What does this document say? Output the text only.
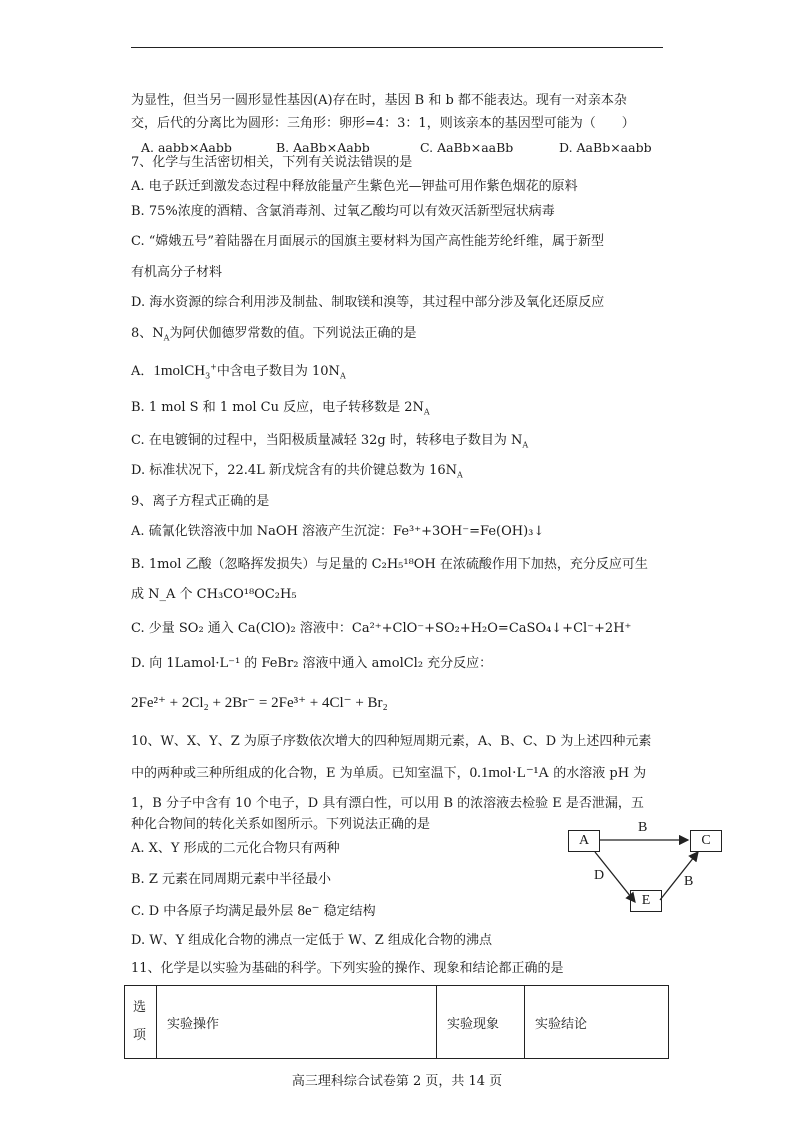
为显性，但当另一圆形显性基因(A)存在时，基因 B 和 b 都不能表达。现有一对亲本杂
交，后代的分离比为圆形：三角形：卵形=4：3：1，则该亲本的基因型可能为（　　）
A. aabb×Aabb	B. AaBb×Aabb	C. AaBb×aaBb	D. AaBb×aabb
7、化学与生活密切相关，下列有关说法错误的是
A. 电子跃迁到激发态过程中释放能量产生紫色光—钾盐可用作紫色烟花的原料
B. 75%浓度的酒精、含氯消毒剂、过氧乙酸均可以有效灭活新型冠状病毒
C. “嫦娥五号”着陆器在月面展示的国旗主要材料为国产高性能芳纶纤维，属于新型
有机高分子材料
D. 海水资源的综合利用涉及制盐、制取镁和溴等，其过程中部分涉及氧化还原反应
8、$N_A$为阿伏伽德罗常数的值。下列说法正确的是
A．1molCH$_3$+中含电子数目为 $10N_A$
B. 1 mol S 和 1 mol Cu 反应，电子转移数是 $2N_A$
C. 在电镀铜的过程中，当阳极质量减轻 32g 时，转移电子数目为 $N_A$
D. 标准状况下，22.4L 新戊烷含有的共价键总数为 $16N_A$
9、离子方程式正确的是
A. 硫氰化铁溶液中加 NaOH 溶液产生沉淀：Fe³⁺+3OH⁻=Fe(OH)₃↓
B. 1mol 乙酸（忽略挥发损失）与足量的 C₂H₅¹⁸OH 在浓硫酸作用下加热，充分反应可生
成 N_A 个 CH₃CO¹⁸OC₂H₅
C. 少量 SO₂ 通入 Ca(ClO)₂ 溶液中：Ca²⁺+ClO⁻+SO₂+H₂O=CaSO₄↓+Cl⁻+2H⁺
D. 向 1Lamol·L⁻¹ 的 FeBr₂ 溶液中通入 amolCl₂ 充分反应：
2Fe²⁺ + 2Cl₂ + 2Br⁻ = 2Fe³⁺ + 4Cl⁻ + Br₂
10、W、X、Y、Z 为原子序数依次增大的四种短周期元素，A、B、C、D 为上述四种元素
中的两种或三种所组成的化合物，E 为单质。已知室温下，0.1mol·L⁻¹A 的水溶液 pH 为
1，B 分子中含有 10 个电子，D 具有漂白性，可以用 B 的浓溶液去检验 E 是否泄漏，五
种化合物间的转化关系如图所示。下列说法正确的是
A. X、Y 形成的二元化合物只有两种
B. Z 元素在同周期元素中半径最小
C. D 中各原子均满足最外层 8e⁻ 稳定结构
D. W、Y 组成化合物的沸点一定低于 W、Z 组成化合物的沸点
11、化学是以实验为基础的科学。下列实验的操作、现象和结论都正确的是
A	C
E
B
D	B
选
项	实验操作	实验现象	实验结论
高三理科综合试卷第 2 页，共 14 页
